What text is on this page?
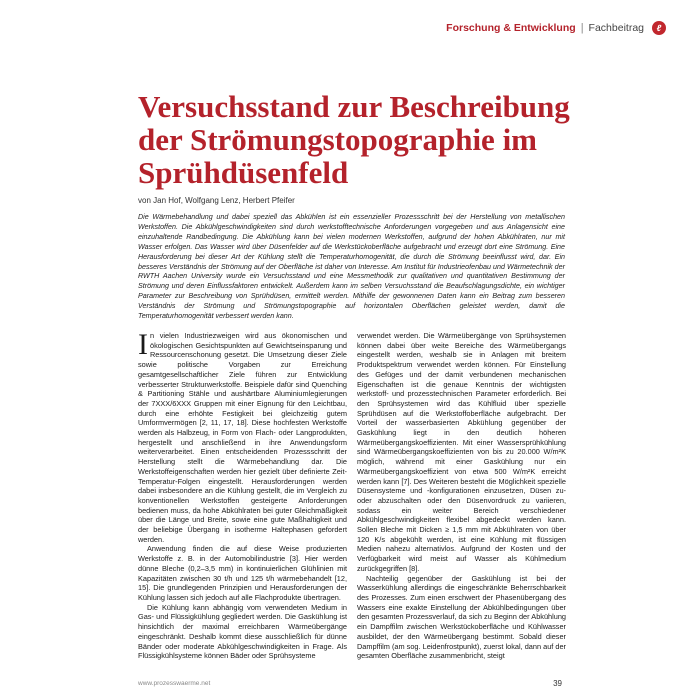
Forschung & Entwicklung | Fachbeitrag	ℓ
Versuchsstand zur Beschreibung der Strömungstopographie im Sprühdüsenfeld
von Jan Hof, Wolfgang Lenz, Herbert Pfeifer

Die Wärmebehandlung und dabei speziell das Abkühlen ist ein essenzieller Prozessschritt bei der Herstellung von metallischen Werkstoffen. Die Abkühlgeschwindigkeiten sind durch werkstofftechnische Anforderungen vorgegeben und aus Anlagensicht eine einzuhaltende Randbedingung. Die Abkühlung kann bei vielen modernen Werkstoffen, aufgrund der hohen Abkühlraten, nur mit Wasser erfolgen. Das Wasser wird über Düsenfelder auf die Werkstückoberfläche aufgebracht und erzeugt dort eine Strömung. Eine Herausforderung bei dieser Art der Kühlung stellt die Temperaturhomogenität, die durch die Strömung beeinflusst wird, dar. Ein besseres Verständnis der Strömung auf der Oberfläche ist daher von Interesse. Am Institut für Industrieofenbau und Wärmetechnik der RWTH Aachen University wurde ein Versuchsstand und eine Messmethodik zur qualitativen und quantitativen Bestimmung der Strömung und deren Einflussfaktoren entwickelt. Außerdem kann im selben Versuchsstand die Beaufschlagungsdichte, ein wichtiger Parameter zur Beschreibung von Sprühdüsen, ermittelt werden. Mithilfe der gewonnenen Daten kann ein Beitrag zum besseren Verständnis der Strömung und Strömungstopographie auf horizontalen Oberflächen geleistet werden, damit die Temperaturhomogenität verbessert werden kann.

In vielen Industriezweigen wird aus ökonomischen und ökologischen Gesichtspunkten auf Gewichtseinsparung und Ressourcenschonung gesetzt. Die Umsetzung dieser Ziele sowie politische Vorgaben zur Erreichung gesamtgesellschaftlicher Ziele führen zur Entwicklung verbesserter Strukturwerkstoffe. Beispiele dafür sind Quenching & Partitioning Stähle und aushärtbare Aluminiumlegierungen der 7XXX/6XXX Gruppen mit einer Eignung für den Leichtbau, durch eine erhöhte Festigkeit bei gleichzeitig gutem Umformvermögen [2, 11, 17, 18]. Diese hochfesten Werkstoffe werden als Halbzeug, in Form von Flach- oder Langprodukten, hergestellt und anschließend in ihre Anwendungsform weiterverarbeitet. Einen entscheidenden Prozessschritt der Herstellung stellt die Wärmebehandlung dar. Die Werkstoffeigenschaften werden hier gezielt über definierte Zeit-Temperatur-Folgen eingestellt. Herausforderungen werden dabei insbesondere an die Kühlung gestellt, die im Vergleich zu konventionellen Werkstoffen gesteigerte Anforderungen bedienen muss, da hohe Abkühlraten bei guter Gleichmäßigkeit über die Länge und Breite, sowie eine gute Maßhaltigkeit und der beliebige Übergang in isotherme Haltephasen gefordert werden.

Anwendung finden die auf diese Weise produzierten Werkstoffe z. B. in der Automobilindustrie [3]. Hier werden dünne Bleche (0,2–3,5 mm) in kontinuierlichen Glühlinien mit Kapazitäten zwischen 30 t/h und 125 t/h wärmebehandelt [12, 15]. Die grundlegenden Prinzipien und Herausforderungen der Kühlung lassen sich jedoch auf alle Flachprodukte übertragen.

Die Kühlung kann abhängig vom verwendeten Medium in Gas- und Flüssigkühlung gegliedert werden. Die Gaskühlung ist hinsichtlich der maximal erreichbaren Wärmeübergänge eingeschränkt. Deshalb kommt diese ausschließlich für dünne Bänder oder moderate Abkühlgeschwindigkeiten in Frage. Als Flüssigkühlsysteme können Bäder oder Sprühsysteme

verwendet werden. Die Wärmeübergänge von Sprühsystemen können dabei über weite Bereiche des Wärmeübergangs eingestellt werden, weshalb sie in Anlagen mit breitem Produktspektrum verwendet werden können. Für Einstellung des Gefüges und der damit verbundenen mechanischen Eigenschaften ist die genaue Kenntnis der wichtigsten werkstoff- und prozesstechnischen Parameter erforderlich. Bei den Sprühsystemen wird das Kühlfluid über spezielle Sprühdüsen auf die Werkstoffoberfläche aufgebracht. Der Vorteil der wasserbasierten Abkühlung gegenüber der Gaskühlung liegt in den deutlich höheren Wärmeübergangskoeffizienten. Mit einer Wassersprühkühlung sind Wärmeübergangskoeffizienten von bis zu 20.000 W/m²K möglich, während mit einer Gaskühlung nur ein Wärmeübergangskoeffizient von etwa 500 W/m²K erreicht werden kann [7]. Des Weiteren besteht die Möglichkeit spezielle Düsensysteme und -konfigurationen einzusetzen, Düsen zu- oder abzuschalten oder den Düsenvordruck zu variieren, sodass ein weiter Bereich verschiedener Abkühlgeschwindigkeiten flexibel abgedeckt werden kann. Sollen Bleche mit Dicken ≥ 1,5 mm mit Abkühlraten von über 120 K/s abgekühlt werden, ist eine Kühlung mit flüssigen Medien nahezu alternativlos. Aufgrund der Kosten und der Verfügbarkeit wird meist auf Wasser als Kühlmedium zurückgegriffen [8].

Nachteilig gegenüber der Gaskühlung ist bei der Wasserkühlung allerdings die eingeschränkte Beherrschbarkeit des Prozesses. Zum einen erschwert der Phasenübergang des Wassers eine exakte Einstellung der Abkühlbedingungen über den gesamten Prozessverlauf, da sich zu Beginn der Abkühlung ein Dampffilm zwischen Werkstückoberfläche und Kühlwasser ausbildet, der den Wärmeübergang bestimmt. Sobald dieser Dampffilm (am sog. Leidenfrostpunkt), zuerst lokal, dann auf der gesamten Oberfläche zusammenbricht, steigt

www.prozesswaerme.net	39
